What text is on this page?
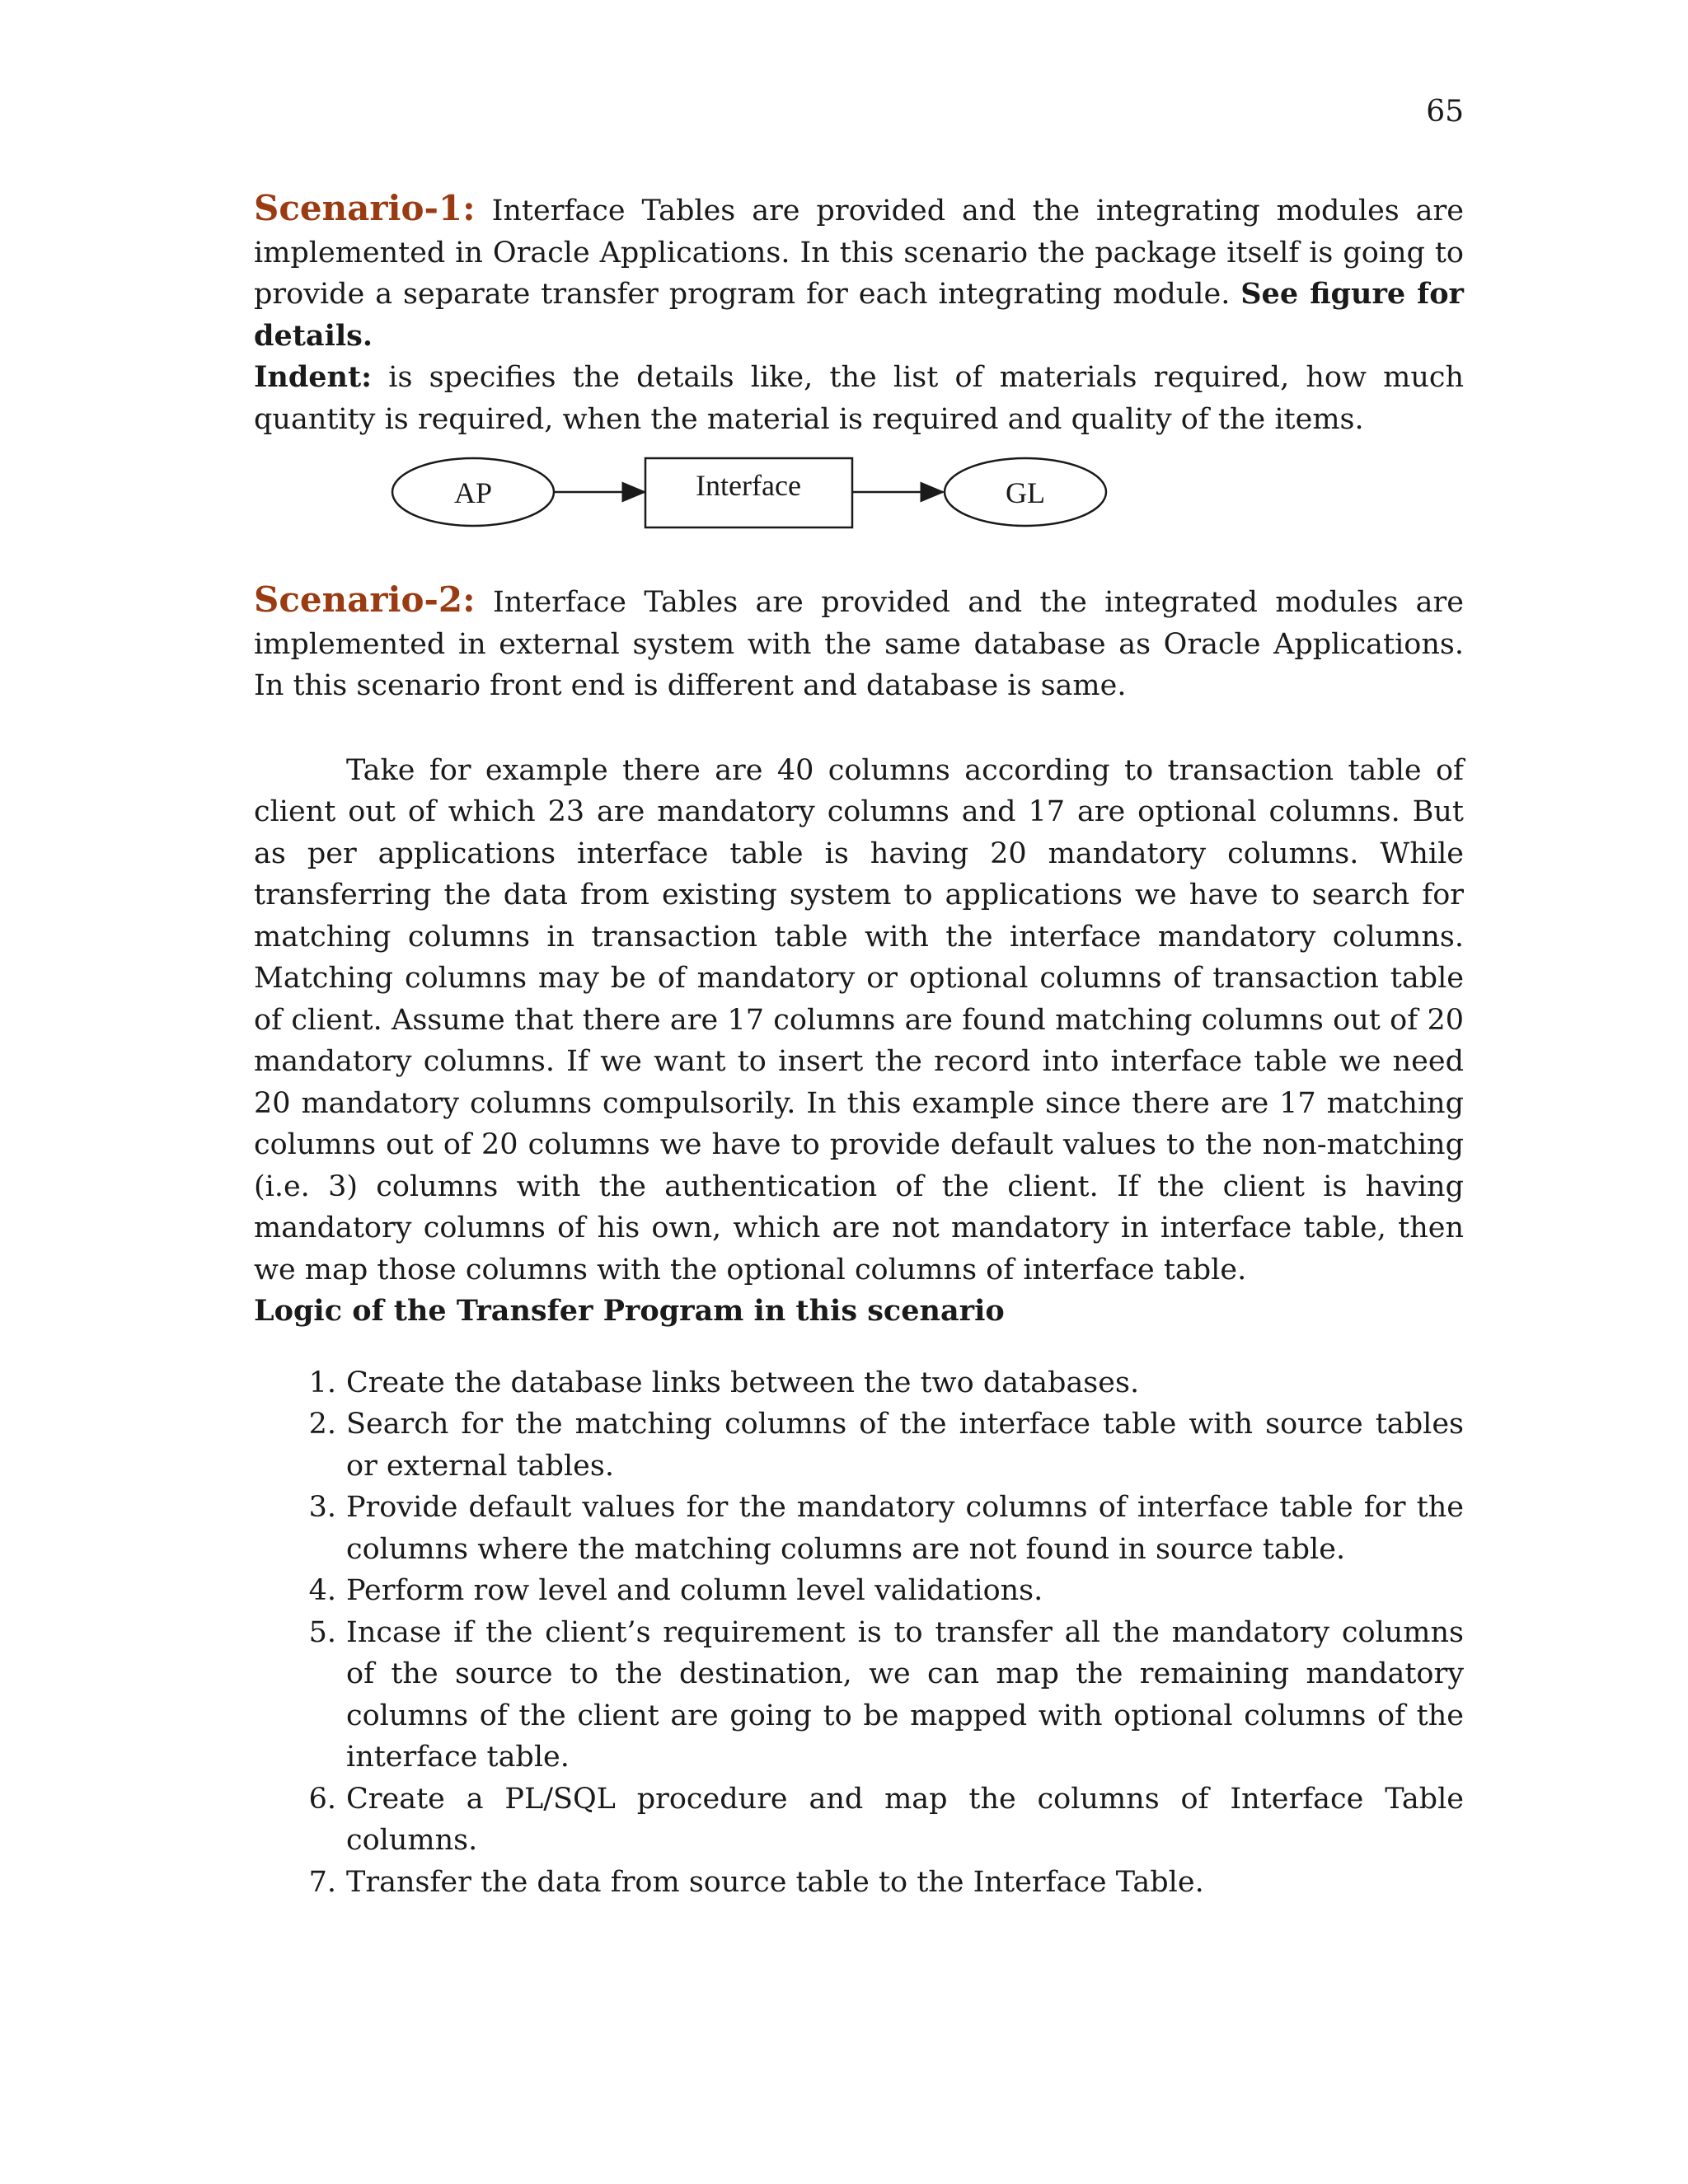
65

Scenario-1: Interface Tables are provided and the integrating modules are implemented in Oracle Applications. In this scenario the package itself is going to provide a separate transfer program for each integrating module. See figure for details.
Indent: is specifies the details like, the list of materials required, how much quantity is required, when the material is required and quality of the items.

AP	Interface	GL

Scenario-2: Interface Tables are provided and the integrated modules are implemented in external system with the same database as Oracle Applications. In this scenario front end is different and database is same.

Take for example there are 40 columns according to transaction table of client out of which 23 are mandatory columns and 17 are optional columns. But as per applications interface table is having 20 mandatory columns. While transferring the data from existing system to applications we have to search for matching columns in transaction table with the interface mandatory columns. Matching columns may be of mandatory or optional columns of transaction table of client. Assume that there are 17 columns are found matching columns out of 20 mandatory columns. If we want to insert the record into interface table we need 20 mandatory columns compulsorily. In this example since there are 17 matching columns out of 20 columns we have to provide default values to the non-matching (i.e. 3) columns with the authentication of the client. If the client is having mandatory columns of his own, which are not mandatory in interface table, then we map those columns with the optional columns of interface table.

Logic of the Transfer Program in this scenario

1. Create the database links between the two databases.
2. Search for the matching columns of the interface table with source tables or external tables.
3. Provide default values for the mandatory columns of interface table for the columns where the matching columns are not found in source table.
4. Perform row level and column level validations.
5. Incase if the client’s requirement is to transfer all the mandatory columns of the source to the destination, we can map the remaining mandatory columns of the client are going to be mapped with optional columns of the interface table.
6. Create a PL/SQL procedure and map the columns of Interface Table columns.
7. Transfer the data from source table to the Interface Table.
